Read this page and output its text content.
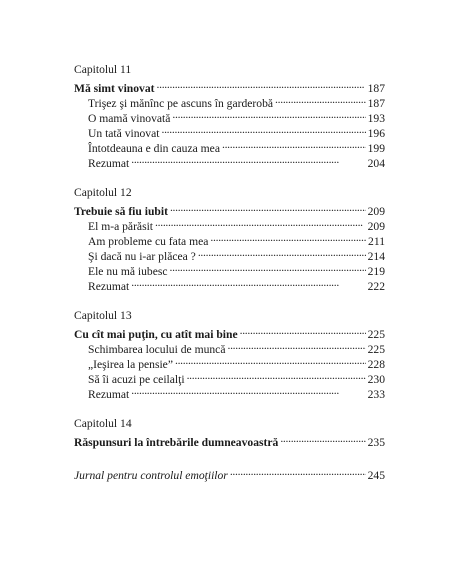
Capitolul 11
Mă simt vinovat . . .	187
Trişez şi mănînc pe ascuns în garderobă . . .	187
O mamă vinovată . . .	193
Un tată vinovat . . .	196
Întotdeauna e din cauza mea . . .	199
Rezumat . . .	204
Capitolul 12
Trebuie să fiu iubit . . .	209
El m-a părăsit . . .	209
Am probleme cu fata mea . . .	211
Şi dacă nu i-ar plăcea ? . . .	214
Ele nu mă iubesc . . .	219
Rezumat . . .	222
Capitolul 13
Cu cît mai puţin, cu atît mai bine . . .	225
Schimbarea locului de muncă . . .	225
„Ieşirea la pensie” . . .	228
Să îi acuzi pe ceilalţi . . .	230
Rezumat . . .	233
Capitolul 14
Răspunsuri la întrebările dumneavoastră . . .	235
Jurnal pentru controlul emoţiilor . . .	245
